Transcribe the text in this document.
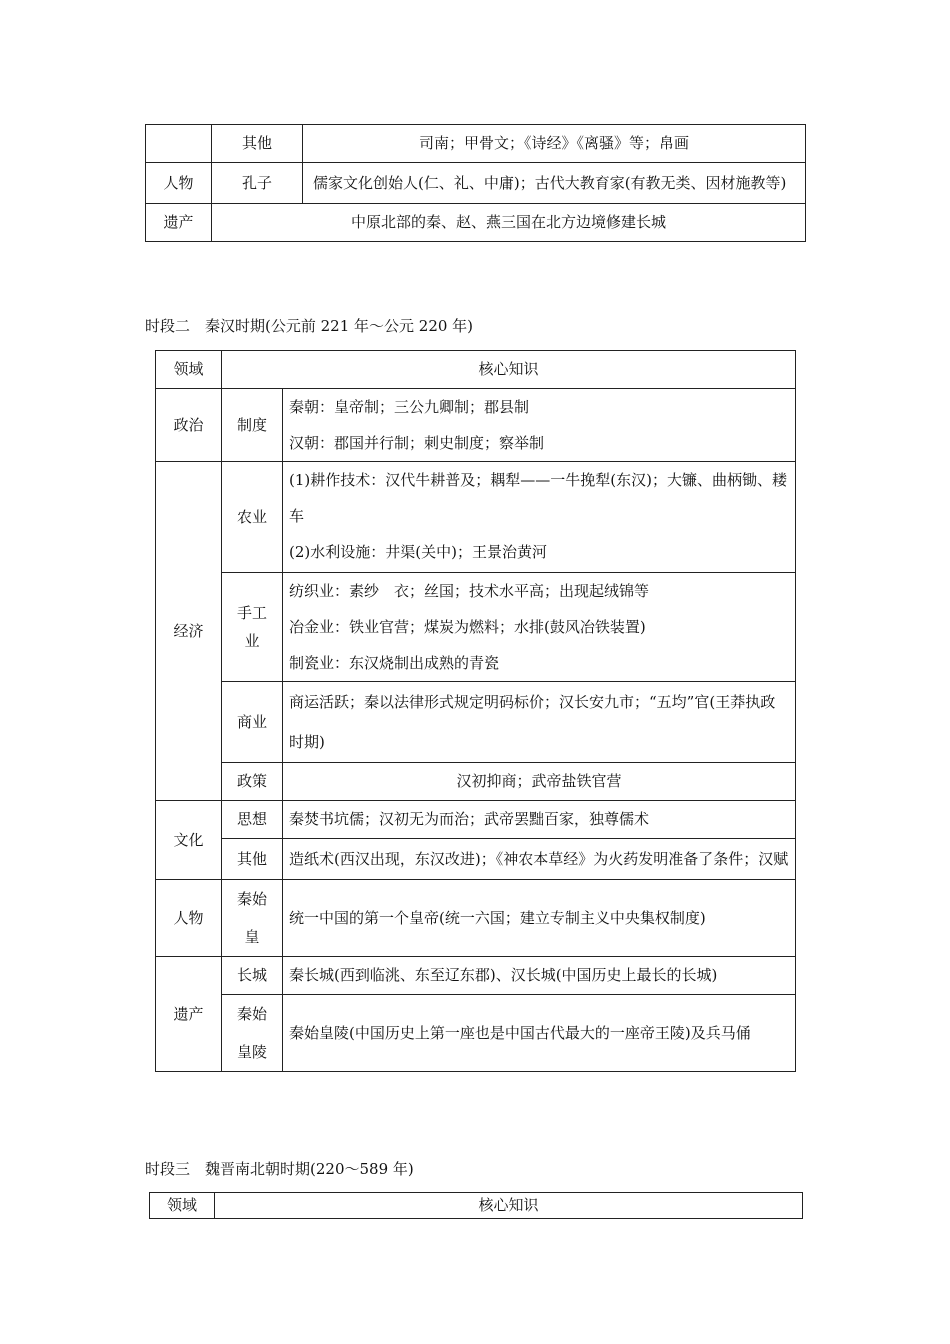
	其他	司南；甲骨文；《诗经》《离骚》等；帛画
人物	孔子	儒家文化创始人(仁、礼、中庸)；古代大教育家(有教无类、因材施教等)
遗产	中原北部的秦、赵、燕三国在北方边境修建长城	
时段二　秦汉时期(公元前 221 年～公元 220 年)
领域	核心知识	
政治	制度	秦朝：皇帝制；三公九卿制；郡县制
汉朝：郡国并行制；刺史制度；察举制

经济	农业	(1)耕作技术：汉代牛耕普及；耦犁——一牛挽犁(东汉)；大镰、曲柄锄、耧车
(2)水利设施：井渠(关中)；王景治黄河

	手工业	纺织业：素纱　衣；丝国；技术水平高；出现起绒锦等
冶金业：铁业官营；煤炭为燃料；水排(鼓风冶铁装置)
制瓷业：东汉烧制出成熟的青瓷

	商业	商运活跃；秦以法律形式规定明码标价；汉长安九市；“五均”官(王莽执政时期)
	政策	汉初抑商；武帝盐铁官营
文化	思想	秦焚书坑儒；汉初无为而治；武帝罢黜百家，独尊儒术
	其他	造纸术(西汉出现，东汉改进)；《神农本草经》为火药发明准备了条件；汉赋
人物	秦始皇	统一中国的第一个皇帝(统一六国；建立专制主义中央集权制度)
遗产	长城	秦长城(西到临洮、东至辽东郡)、汉长城(中国历史上最长的长城)

	秦始皇陵	秦始皇陵(中国历史上第一座也是中国古代最大的一座帝王陵)及兵马俑
时段三　魏晋南北朝时期(220～589 年)
领域	核心知识
